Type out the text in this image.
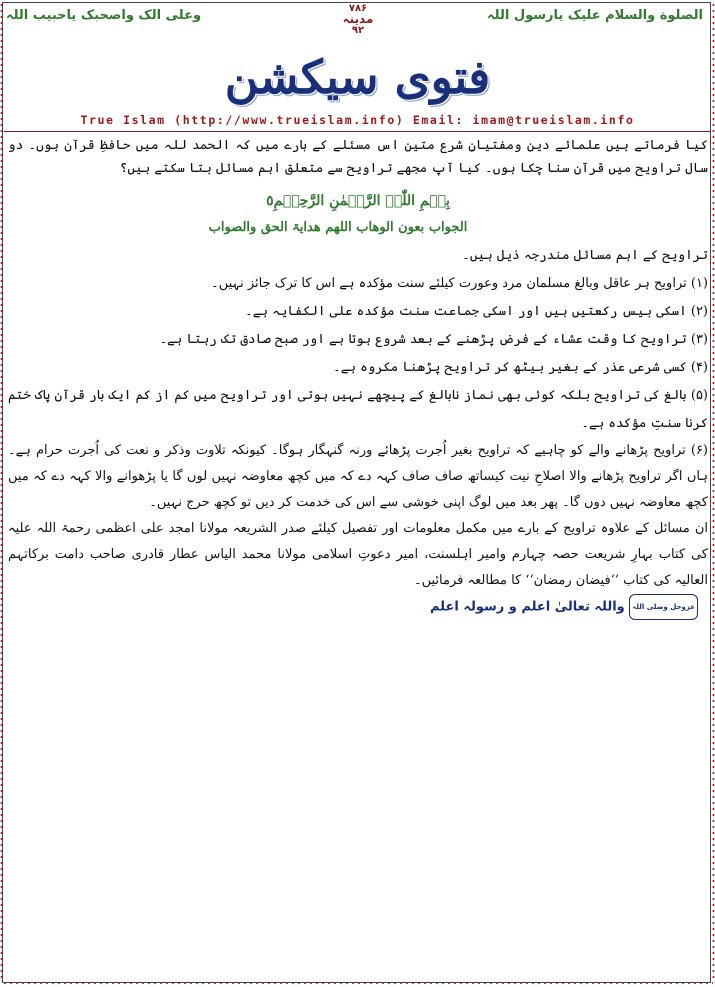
الصلوة والسلام علیک یارسول اللہ
۷۸۶
مدینہ
۹۲
وعلی الک واصحبک یاحبیب اللہ
فتوی سیکشن
True Islam (http://www.trueislam.info) Email: imam@trueislam.info

کیا فرماتے ہیں علمائے دین ومفتیانِ شرع متین اس مسئلے کے بارے میں کہ الحمد للہ میں حافظِ قرآن ہوں۔ دو سال تراویح میں قرآن سنا چکا ہوں۔ کیا آپ مجھے تراویح سے متعلق اہم مسائل بتا سکتے ہیں؟

بِسۡمِ اللّٰہِ الرَّحۡمٰنِ الرَّحِیۡمِ٥
الجواب بعون الوھاب اللھم ھدایۃ الحق والصواب

تراویح کے اہم مسائل مندرجہ ذیل ہیں۔

(۱) تراویح ہر عاقل وبالغ مسلمان مرد وعورت کیلئے سنت مؤکدہ ہے اس کا ترک جائز نہیں۔

(۲) اسکی بیس رکعتیں ہیں اور اسکی جماعت سنت مؤکدہ علی الکفایہ ہے۔

(۳) تراویح کا وقت عشاء کے فرض پڑھنے کے بعد شروع ہوتا ہے اور صبح صادق تک رہتا ہے۔

(۴) کسی شرعی عذر کے بغیر بیٹھ کر تراویح پڑھنا مکروہ ہے۔

(۵) بالغ کی تراویح بلکہ کوئی بھی نماز نابالغ کے پیچھے نہیں ہوتی اور تراویح میں کم از کم ایک بار قرآن پاک ختم کرنا سنتِ مؤکدہ ہے۔

(۶) تراویح پڑھانے والے کو چاہیے کہ تراویح بغیر اُجرت پڑھائے ورنہ گنہگار ہوگا۔ کیونکہ تلاوت وذکر و نعت کی اُجرت حرام ہے۔ ہاں اگر تراویح پڑھانے والا اصلاحِ نیت کیساتھ صاف صاف کہہ دے کہ میں کچھ معاوضہ نہیں لوں گا یا پڑھوانے والا کہہ دے کہ میں کچھ معاوضہ نہیں دوں گا۔ پھر بعد میں لوگ اپنی خوشی سے اس کی خدمت کر دیں تو کچھ حرج نہیں۔

ان مسائل کے علاوہ تراویح کے بارے میں مکمل معلومات اور تفصیل کیلئے صدر الشریعہ مولانا امجد علی اعظمی رحمۃ اللہ علیہ کی کتاب بہارِ شریعت حصہ چہارم وامیر اہلسنت، امیر دعوتِ اسلامی مولانا محمد الیاس عطار قادری صاحب دامت برکاتہم العالیہ کی کتاب ’’فیضان رمضان‘‘ کا مطالعہ فرمائیں۔

عزوجل وصلی اللہ واللہ تعالیٰ اعلم و رسولہ اعلم
